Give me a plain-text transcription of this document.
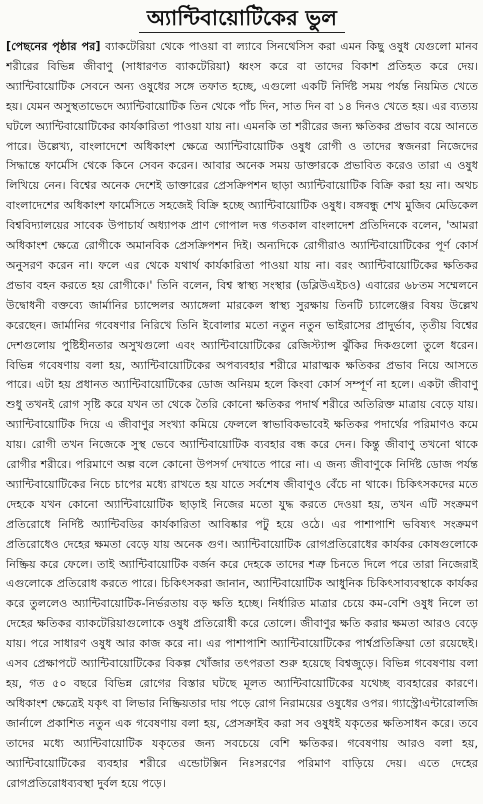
অ্যান্টিবায়োটিকের ভুল
[পেছনের পৃষ্ঠার পর]

ব্যাকটেরিয়া থেকে পাওয়া বা ল্যাবে সিনথেসিস করা এমন কিছু ওষুধ যেগুলো মানব শরীরের বিভিন্ন জীবাণু (সাধারণত ব্যাকটেরিয়া) ধ্বংস করে বা তাদের বিকাশ প্রতিহত করে দেয়। অ্যান্টিবায়োটিক সেবনে অন্য ওষুধের সঙ্গে তফাত হচ্ছে, এগুলো একটি নির্দিষ্ট সময় পর্যন্ত নিয়মিত খেতে হয়। যেমন অসুস্থতাভেদে অ্যান্টিবায়োটিক তিন থেকে পাঁচ দিন, সাত দিন বা ১৪ দিনও খেতে হয়। এর ব্যত্যয় ঘটলে অ্যান্টিবায়োটিকের কার্যকারিতা পাওয়া যায় না। এমনকি তা শরীরের জন্য ক্ষতিকর প্রভাব বয়ে আনতে পারে। উল্লেখ্য, বাংলাদেশে অধিকাংশ ক্ষেত্রে অ্যান্টিবায়োটিক ওষুধ রোগী ও তাদের স্বজনরা নিজেদের সিদ্ধান্তে ফার্মেসি থেকে কিনে সেবন করেন। আবার অনেক সময় ডাক্তারকে প্রভাবিত করেও তারা এ ওষুধ লিখিয়ে নেন। বিশ্বের অনেক দেশেই ডাক্তারের প্রেসক্রিপশন ছাড়া অ্যান্টিবায়োটিক বিক্রি করা হয় না। অথচ বাংলাদেশের অধিকাংশ ফার্মেসিতে সহজেই বিক্রি হচ্ছে অ্যান্টিবায়োটিক ওষুধ।

বঙ্গবন্ধু শেখ মুজিব মেডিকেল বিশ্ববিদ্যালয়ের সাবেক উপাচার্য অধ্যাপক প্রাণ গোপাল দত্ত গতকাল বাংলাদেশ প্রতিদিনকে বলেন, 'আমরা অধিকাংশ ক্ষেত্রে রোগীকে অমানবিক প্রেসক্রিপশন দিই। অন্যদিকে রোগীরাও অ্যান্টিবায়োটিকের পূর্ণ কোর্স অনুসরণ করেন না। ফলে এর থেকে যথার্থ কার্যকারিতা পাওয়া যায় না। বরং অ্যান্টিবায়োটিকের ক্ষতিকর প্রভাব বহন করতে হয় রোগীকে।' তিনি বলেন, বিশ্ব স্বাস্থ্য সংস্থার (ডব্লিউএইচও) এবারের ৬৮তম সম্মেলনে উদ্বোধনী বক্তব্যে জার্মানির চ্যান্সেলর অ্যাঙ্গেলা মারকেল স্বাস্থ্য সুরক্ষায় তিনটি চ্যালেঞ্জের বিষয় উল্লেখ করেছেন। জার্মানির গবেষণার নিরিখে তিনি ইবোলার মতো নতুন নতুন ভাইরাসের প্রাদুর্ভাব, তৃতীয় বিশ্বের দেশগুলোয় পুষ্টিহীনতার অসুখগুলো এবং অ্যান্টিবায়োটিকের রেজিস্ট্যান্স ঝুঁকির দিকগুলো তুলে ধরেন। বিভিন্ন গবেষণায় বলা হয়, অ্যান্টিবায়োটিকের অপব্যবহার শরীরে মারাত্মক ক্ষতিকর প্রভাব নিয়ে আসতে পারে। এটা হয় প্রধানত অ্যান্টিবায়োটিকের ডোজ অনিয়ম হলে কিংবা কোর্স সম্পূর্ণ না হলে। একটা জীবাণু শুধু তখনই রোগ সৃষ্টি করে যখন তা থেকে তৈরি কোনো ক্ষতিকর পদার্থ শরীরে অতিরিক্ত মাত্রায় বেড়ে যায়। অ্যান্টিবায়োটিক দিয়ে এ জীবাণুর সংখ্যা কমিয়ে ফেললে স্বাভাবিকভাবেই ক্ষতিকর পদার্থের পরিমাণও কমে যায়। রোগী তখন নিজেকে সুস্থ ভেবে অ্যান্টিবায়োটিক ব্যবহার বন্ধ করে দেন। কিন্তু জীবাণু তখনো থাকে রোগীর শরীরে। পরিমাণে অল্প বলে কোনো উপসর্গ দেখাতে পারে না। এ জন্য জীবাণুকে নির্দিষ্ট ডোজ পর্যন্ত অ্যান্টিবায়োটিকের নিচে চাপের মধ্যে রাখতে হয় যাতে সর্বশেষ জীবাণুও বেঁচে না থাকে। চিকিৎসকদের মতে দেহকে যখন কোনো অ্যান্টিবায়োটিক ছাড়াই নিজের মতো যুদ্ধ করতে দেওয়া হয়, তখন এটি সংক্রমণ প্রতিরোধে নির্দিষ্ট অ্যান্টিবডির কার্যকারিতা আবিষ্কার পটু হয়ে ওঠে। এর পাশাপাশি ভবিষ্যৎ সংক্রমণ প্রতিরোধেও দেহের ক্ষমতা বেড়ে যায় অনেক গুণ। অ্যান্টিবায়োটিক রোগপ্রতিরোধের কার্যকর কোষগুলোকে নিষ্ক্রিয় করে ফেলে। তাই অ্যান্টিবায়োটিক বর্জন করে দেহকে তাদের শত্রু চিনতে দিলে পরে তারা নিজেরাই এগুলোকে প্রতিরোধ করতে পারে। চিকিৎসকরা জানান, অ্যান্টিবায়োটিক আধুনিক চিকিৎসাব্যবস্থাকে কার্যকর করে তুললেও অ্যান্টিবায়োটিক-নির্ভরতায় বড় ক্ষতি হচ্ছে। নির্ধারিত মাত্রার চেয়ে কম-বেশি ওষুধ নিলে তা দেহের ক্ষতিকর ব্যাকটেরিয়াগুলোকে ওষুধ প্রতিরোধী করে তোলে। জীবাণুর ক্ষতি করার ক্ষমতা আরও বেড়ে যায়। পরে সাধারণ ওষুধ আর কাজ করে না। এর পাশাপাশি অ্যান্টিবায়োটিকের পার্শ্বপ্রতিক্রিয়া তো রয়েছেই। এসব প্রেক্ষাপটে অ্যান্টিবায়োটিকের বিকল্প খোঁজার তৎপরতা শুরু হয়েছে বিশ্বজুড়ে। বিভিন্ন গবেষণায় বলা হয়, গত ৫০ বছরে বিভিন্ন রোগের বিস্তার ঘটছে মূলত অ্যান্টিবায়োটিকের যথেচ্ছ ব্যবহারের কারণে। অধিকাংশ ক্ষেত্রেই যকৃৎ বা লিভার নিষ্ক্রিয়তার দায় পড়ে রোগ নিরাময়ের ওষুধের ওপর। গ্যাস্ট্রোএন্টারোলজি জার্নালে প্রকাশিত নতুন এক গবেষণায় বলা হয়, প্রেসক্রাইব করা সব ওষুধই যকৃতের ক্ষতিসাধন করে। তবে তাদের মধ্যে অ্যান্টিবায়োটিক যকৃতের জন্য সবচেয়ে বেশি ক্ষতিকর। গবেষণায় আরও বলা হয়, অ্যান্টিবায়োটিকের ব্যবহার শরীরে এন্ডোটক্সিন নিঃসরণের পরিমাণ বাড়িয়ে দেয়। এতে দেহের রোগপ্রতিরোধব্যবস্থা দুর্বল হয়ে পড়ে।
